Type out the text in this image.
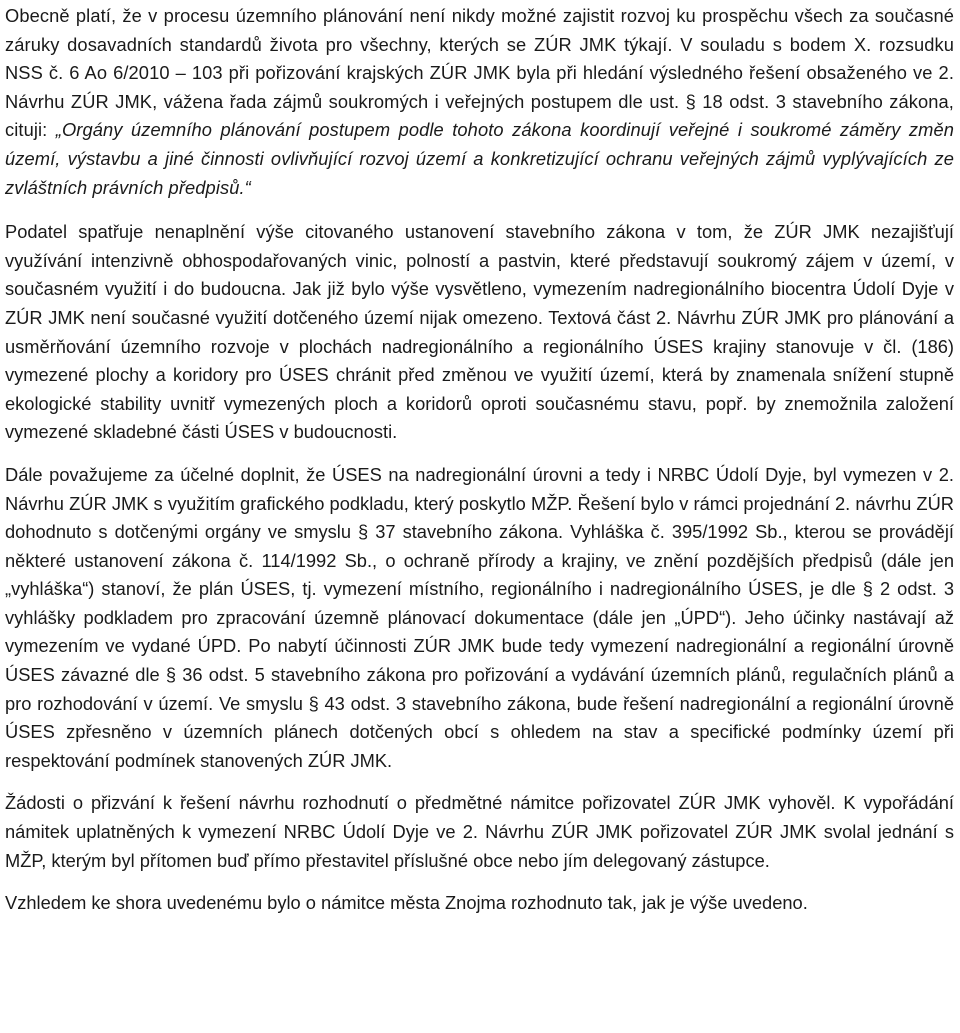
Obecně platí, že v procesu územního plánování není nikdy možné zajistit rozvoj ku prospěchu všech za současné záruky dosavadních standardů života pro všechny, kterých se ZÚR JMK týkají. V souladu s bodem X. rozsudku NSS č. 6 Ao 6/2010 – 103 při pořizování krajských ZÚR JMK byla při hledání výsledného řešení obsaženého ve 2. Návrhu ZÚR JMK, vážena řada zájmů soukromých i veřejných postupem dle ust. § 18 odst. 3 stavebního zákona, cituji: „Orgány územního plánování postupem podle tohoto zákona koordinují veřejné i soukromé záměry změn území, výstavbu a jiné činnosti ovlivňující rozvoj území a konkretizující ochranu veřejných zájmů vyplývajících ze zvláštních právních předpisů.“

Podatel spatřuje nenaplnění výše citovaného ustanovení stavebního zákona v tom, že ZÚR JMK nezajišťují využívání intenzivně obhospodařovaných vinic, polností a pastvin, které představují soukromý zájem v území, v současném využití i do budoucna. Jak již bylo výše vysvětleno, vymezením nadregionálního biocentra Údolí Dyje v ZÚR JMK není současné využití dotčeného území nijak omezeno. Textová část 2. Návrhu ZÚR JMK pro plánování a usměrňování územního rozvoje v plochách nadregionálního a regionálního ÚSES krajiny stanovuje v čl. (186) vymezené plochy a koridory pro ÚSES chránit před změnou ve využití území, která by znamenala snížení stupně ekologické stability uvnitř vymezených ploch a koridorů oproti současnému stavu, popř. by znemožnila založení vymezené skladebné části ÚSES v budoucnosti.

Dále považujeme za účelné doplnit, že ÚSES na nadregionální úrovni a tedy i NRBC Údolí Dyje, byl vymezen v 2. Návrhu ZÚR JMK s využitím grafického podkladu, který poskytlo MŽP. Řešení bylo v rámci projednání 2. návrhu ZÚR dohodnuto s dotčenými orgány ve smyslu § 37 stavebního zákona. Vyhláška č. 395/1992 Sb., kterou se provádějí některé ustanovení zákona č. 114/1992 Sb., o ochraně přírody a krajiny, ve znění pozdějších předpisů (dále jen „vyhláška“) stanoví, že plán ÚSES, tj. vymezení místního, regionálního i nadregionálního ÚSES, je dle § 2 odst. 3 vyhlášky podkladem pro zpracování územně plánovací dokumentace (dále jen „ÚPD“). Jeho účinky nastávají až vymezením ve vydané ÚPD. Po nabytí účinnosti ZÚR JMK bude tedy vymezení nadregionální a regionální úrovně ÚSES závazné dle § 36 odst. 5 stavebního zákona pro pořizování a vydávání územních plánů, regulačních plánů a pro rozhodování v území. Ve smyslu § 43 odst. 3 stavebního zákona, bude řešení nadregionální a regionální úrovně ÚSES zpřesněno v územních plánech dotčených obcí s ohledem na stav a specifické podmínky území při respektování podmínek stanovených ZÚR JMK.

Žádosti o přizvání k řešení návrhu rozhodnutí o předmětné námitce pořizovatel ZÚR JMK vyhověl. K vypořádání námitek uplatněných k vymezení NRBC Údolí Dyje ve 2. Návrhu ZÚR JMK pořizovatel ZÚR JMK svolal jednání s MŽP, kterým byl přítomen buď přímo přestavitel příslušné obce nebo jím delegovaný zástupce.

Vzhledem ke shora uvedenému bylo o námitce města Znojma rozhodnuto tak, jak je výše uvedeno.
